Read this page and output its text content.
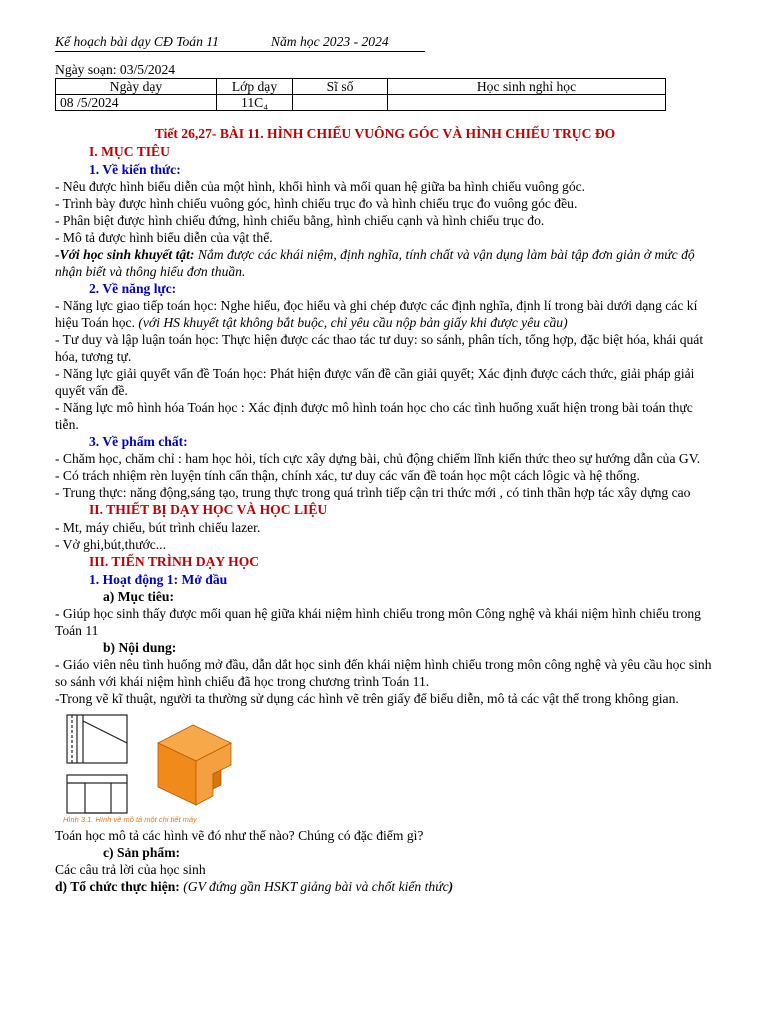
Kế hoạch bài dạy CĐ Toán 11	Năm học 2023 - 2024
Ngày soạn: 03/5/2024
Ngày dạy	Lớp dạy	Sĩ số	Học sinh nghỉ học
08 /5/2024	11C₄		
Tiết 26,27- BÀI 11. HÌNH CHIẾU VUÔNG GÓC VÀ HÌNH CHIẾU TRỤC ĐO
I. MỤC TIÊU
1. Về kiến thức:

- Nêu được hình biểu diễn của một hình, khối hình và mối quan hệ giữa ba hình chiếu vuông góc.

- Trình bày được hình chiếu vuông góc, hình chiếu trục đo và hình chiếu trục đo vuông góc đều.

- Phân biệt được hình chiếu đứng, hình chiếu bằng, hình chiếu cạnh và hình chiếu trục đo.

- Mô tả được hình biểu diễn của vật thể.

-Với học sinh khuyết tật: Nắm được các khái niệm, định nghĩa, tính chất và vận dụng làm bài tập đơn giản ở mức độ nhận biết và thông hiểu đơn thuần.

2. Về năng lực:

- Năng lực giao tiếp toán học: Nghe hiểu, đọc hiểu và ghi chép được các định nghĩa, định lí trong bài dưới dạng các kí hiệu Toán học. (với HS khuyết tật không bắt buộc, chỉ yêu cầu nộp bản giấy khi được yêu cầu)

- Tư duy và lập luận toán học: Thực hiện được các thao tác tư duy: so sánh, phân tích, tổng hợp, đặc biệt hóa, khái quát hóa, tương tự.

- Năng lực giải quyết vấn đề Toán học: Phát hiện được vấn đề cần giải quyết; Xác định được cách thức, giải pháp giải quyết vấn đề.

- Năng lực mô hình hóa Toán học : Xác định được mô hình toán học cho các tình huống xuất hiện trong bài toán thực tiễn.

3. Về phẩm chất:

- Chăm học, chăm chỉ : ham học hỏi, tích cực xây dựng bài, chủ động chiếm lĩnh kiến thức theo sự hướng dẫn của GV.

- Có trách nhiệm rèn luyện tính cẩn thận, chính xác, tư duy các vấn đề toán học một cách lôgic và hệ thống.

- Trung thực: năng động,sáng tạo, trung thực trong quá trình tiếp cận tri thức mới , có tinh thần hợp tác xây dựng cao

II. THIẾT BỊ DẠY HỌC VÀ HỌC LIỆU

- Mt, máy chiếu, bút trình chiếu lazer.

- Vở ghi,bút,thước...

III. TIẾN TRÌNH DẠY HỌC
1. Hoạt động 1: Mở đầu
a) Mục tiêu:

- Giúp học sinh thấy được mối quan hệ giữa khái niệm hình chiếu trong môn Công nghệ và khái niệm hình chiếu trong Toán 11

b) Nội dung:

- Giáo viên nêu tình huống mở đầu, dẫn dắt học sinh đến khái niệm hình chiếu trong môn công nghệ và yêu cầu học sinh so sánh với khái niệm hình chiếu đã học trong chương trình Toán 11.

-Trong vẽ kĩ thuật, người ta thường sử dụng các hình vẽ trên giấy để biểu diễn, mô tả các vật thể trong không gian.

Hình 3.1. Hình vẽ mô tả một chi tiết máy

Toán học mô tả các hình vẽ đó như thế nào? Chúng có đặc điểm gì?

c) Sản phẩm:

Các câu trả lời của học sinh

d) Tổ chức thực hiện: (GV đứng gần HSKT giảng bài và chốt kiến thức)
